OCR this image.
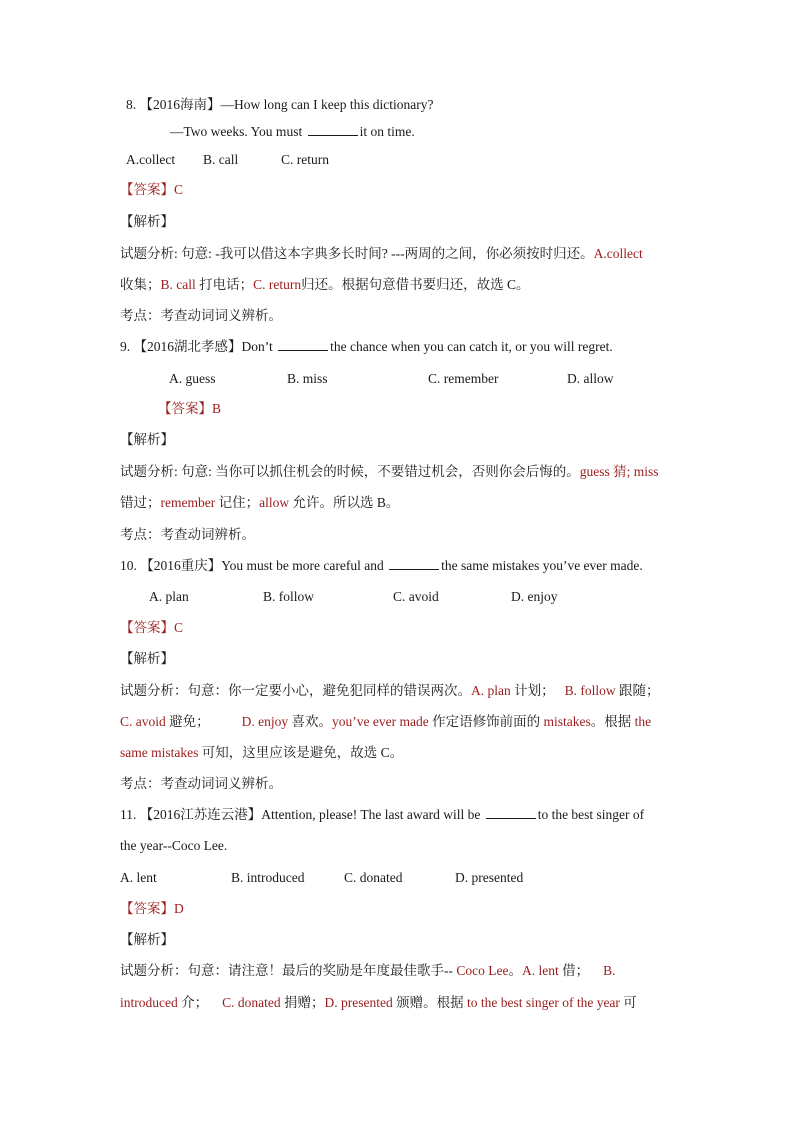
8. 【2016海南】—How long can I keep this dictionary?
—Two weeks. You must	it on time.
A.collect B. call	C. return
【答案】C
【解析】
试题分析: 句意: -我可以借这本字典多长时间? ---两周的之间，你必须按时归还。A.collect
收集；B. call 打电话；C. return归还。根据句意借书要归还，故选 C。
考点：考查动词词义辨析。
9. 【2016湖北孝感】Don’t	the chance when you can catch it, or you will regret.
A. guess	B. miss	C. remember	D. allow
【答案】B
【解析】
试题分析: 句意: 当你可以抓住机会的时候，不要错过机会，否则你会后悔的。guess 猜; miss
错过；remember 记住；allow 允许。所以选 B。
考点：考查动词辨析。
10. 【2016重庆】You must be more careful and	the same mistakes you’ve ever made.
A. plan	B. follow	C. avoid	D. enjoy
【答案】C
【解析】
试题分析：句意：你一定要小心，避免犯同样的错误两次。A. plan 计划； B. follow 跟随；
C. avoid 避免； D. enjoy 喜欢。you’ve ever made 作定语修饰前面的 mistakes。根据 the
same mistakes 可知，这里应该是避免，故选 C。
考点：考查动词词义辨析。
11. 【2016江苏连云港】Attention, please! The last award will be	to the best singer of
the year--Coco Lee.
A. lent	B. introduced	C. donated	D. presented
【答案】D
【解析】
试题分析：句意：请注意！最后的奖励是年度最佳歌手-- Coco Lee。A. lent 借； B.
introduced 介； C. donated 捐赠；D. presented 颁赠。根据 to the best singer of the year 可
